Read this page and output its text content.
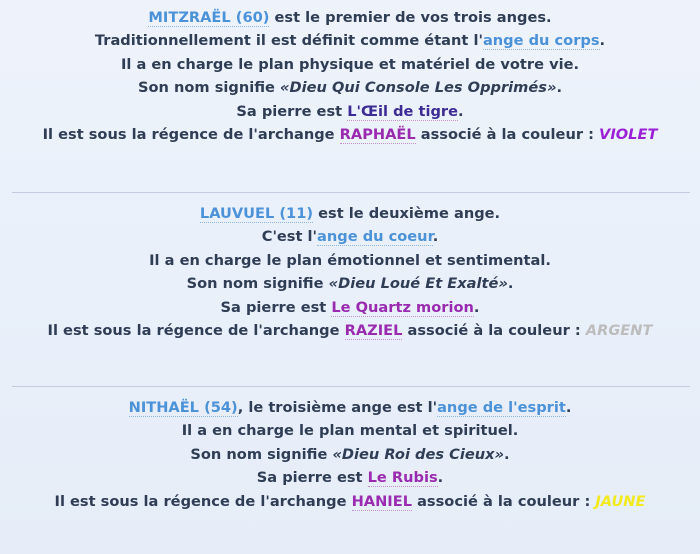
MITZRAËL (60) est le premier de vos trois anges.
Traditionnellement il est définit comme étant l'ange du corps.
Il a en charge le plan physique et matériel de votre vie.
Son nom signifie «Dieu Qui Console Les Opprimés».
Sa pierre est L'Œil de tigre.
Il est sous la régence de l'archange RAPHAËL associé à la couleur : VIOLET
LAUVUEL (11) est le deuxième ange.
C'est l'ange du coeur.
Il a en charge le plan émotionnel et sentimental.
Son nom signifie «Dieu Loué Et Exalté».
Sa pierre est Le Quartz morion.
Il est sous la régence de l'archange RAZIEL associé à la couleur : ARGENT
NITHAËL (54), le troisième ange est l'ange de l'esprit.
Il a en charge le plan mental et spirituel.
Son nom signifie «Dieu Roi des Cieux».
Sa pierre est Le Rubis.
Il est sous la régence de l'archange HANIEL associé à la couleur : JAUNE
